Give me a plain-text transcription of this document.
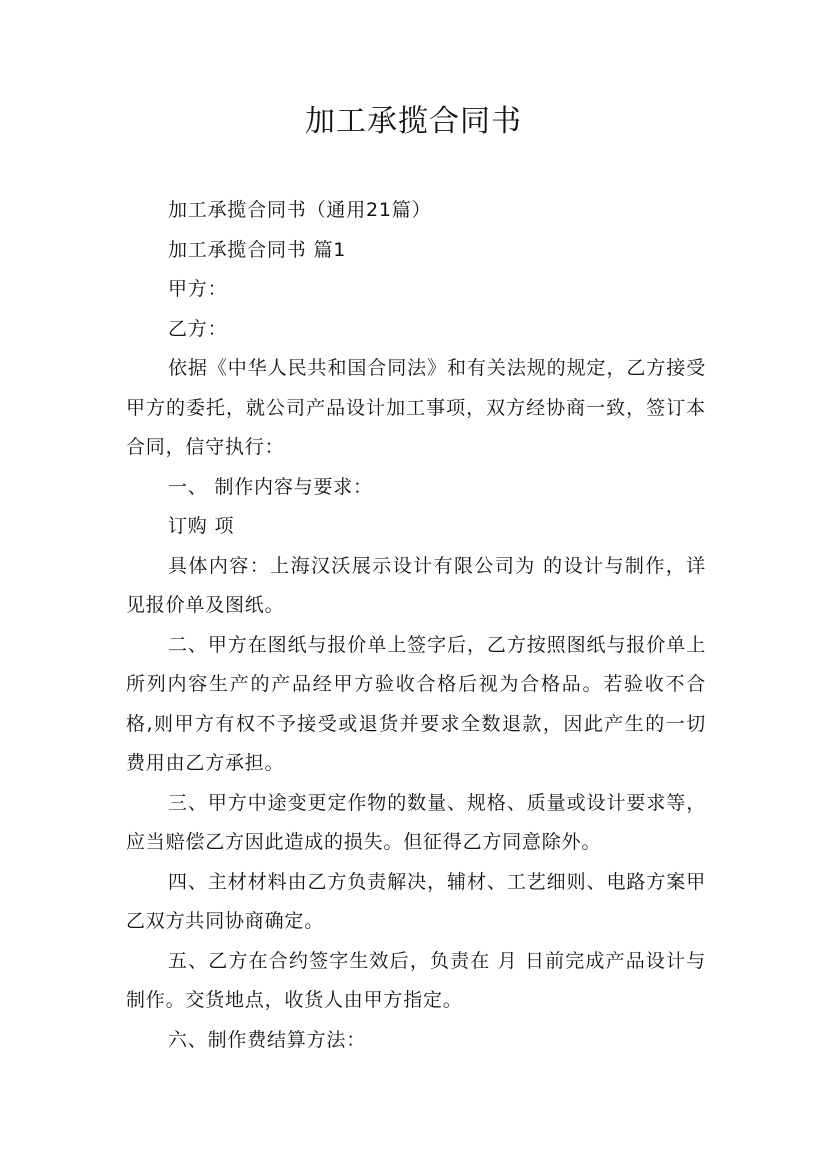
加工承揽合同书

加工承揽合同书（通用21篇）

加工承揽合同书 篇1

甲方：

乙方：

依据《中华人民共和国合同法》和有关法规的规定，乙方接受甲方的委托，就公司产品设计加工事项，双方经协商一致，签订本合同，信守执行：

一、 制作内容与要求：

订购 项

具体内容：上海汉沃展示设计有限公司为 的设计与制作，详见报价单及图纸。

二、甲方在图纸与报价单上签字后，乙方按照图纸与报价单上所列内容生产的产品经甲方验收合格后视为合格品。若验收不合格,则甲方有权不予接受或退货并要求全数退款，因此产生的一切费用由乙方承担。

三、甲方中途变更定作物的数量、规格、质量或设计要求等，应当赔偿乙方因此造成的损失。但征得乙方同意除外。

四、主材材料由乙方负责解决，辅材、工艺细则、电路方案甲乙双方共同协商确定。

五、乙方在合约签字生效后，负责在 月 日前完成产品设计与制作。交货地点，收货人由甲方指定。

六、制作费结算方法：
